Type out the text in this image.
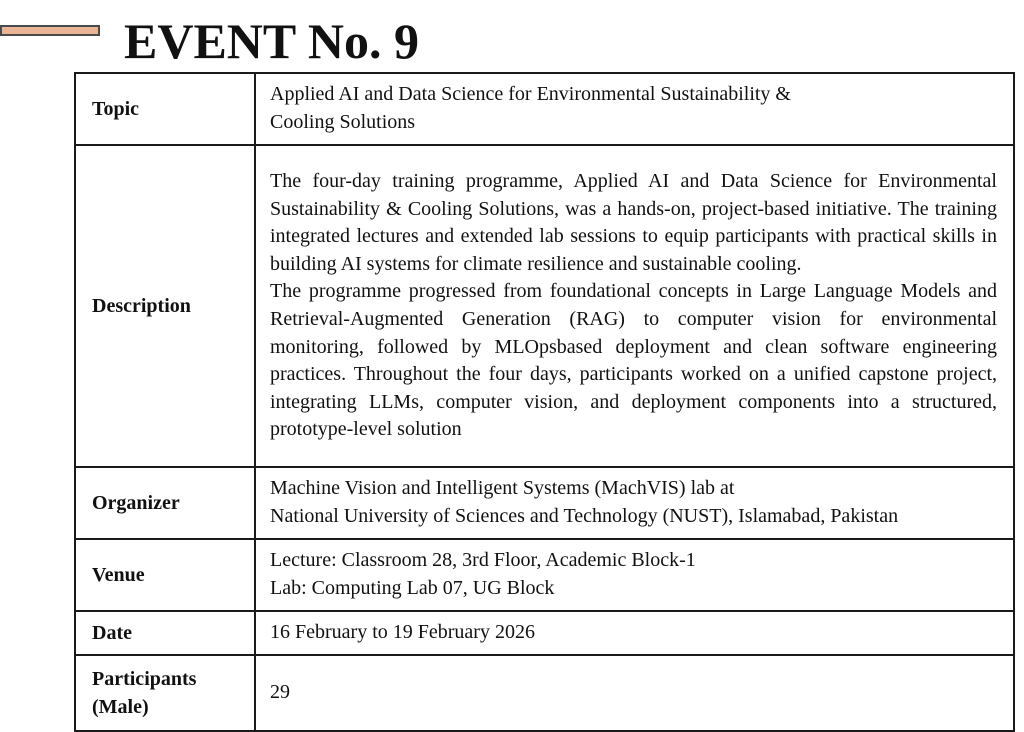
EVENT No. 9
Topic	Applied AI and Data Science for Environmental Sustainability &
Cooling Solutions

Description	The four-day training programme, Applied AI and Data Science for Environmental Sustainability & Cooling Solutions, was a hands-on, project-based initiative. The training integrated lectures and extended lab sessions to equip participants with practical skills in building AI systems for climate resilience and sustainable cooling.

The programme progressed from foundational concepts in Large Language Models and Retrieval-Augmented Generation (RAG) to computer vision for environmental monitoring, followed by MLOpsbased deployment and clean software engineering practices. Throughout the four days, participants worked on a unified capstone project, integrating LLMs, computer vision, and deployment components into a structured, prototype-level solution

Organizer	Machine Vision and Intelligent Systems (MachVIS) lab at
National University of Sciences and Technology (NUST), Islamabad, Pakistan

Venue	Lecture: Classroom 28, 3rd Floor, Academic Block-1
Lab: Computing Lab 07, UG Block

Date	16 February to 19 February 2026

Participants
(Male)	29
